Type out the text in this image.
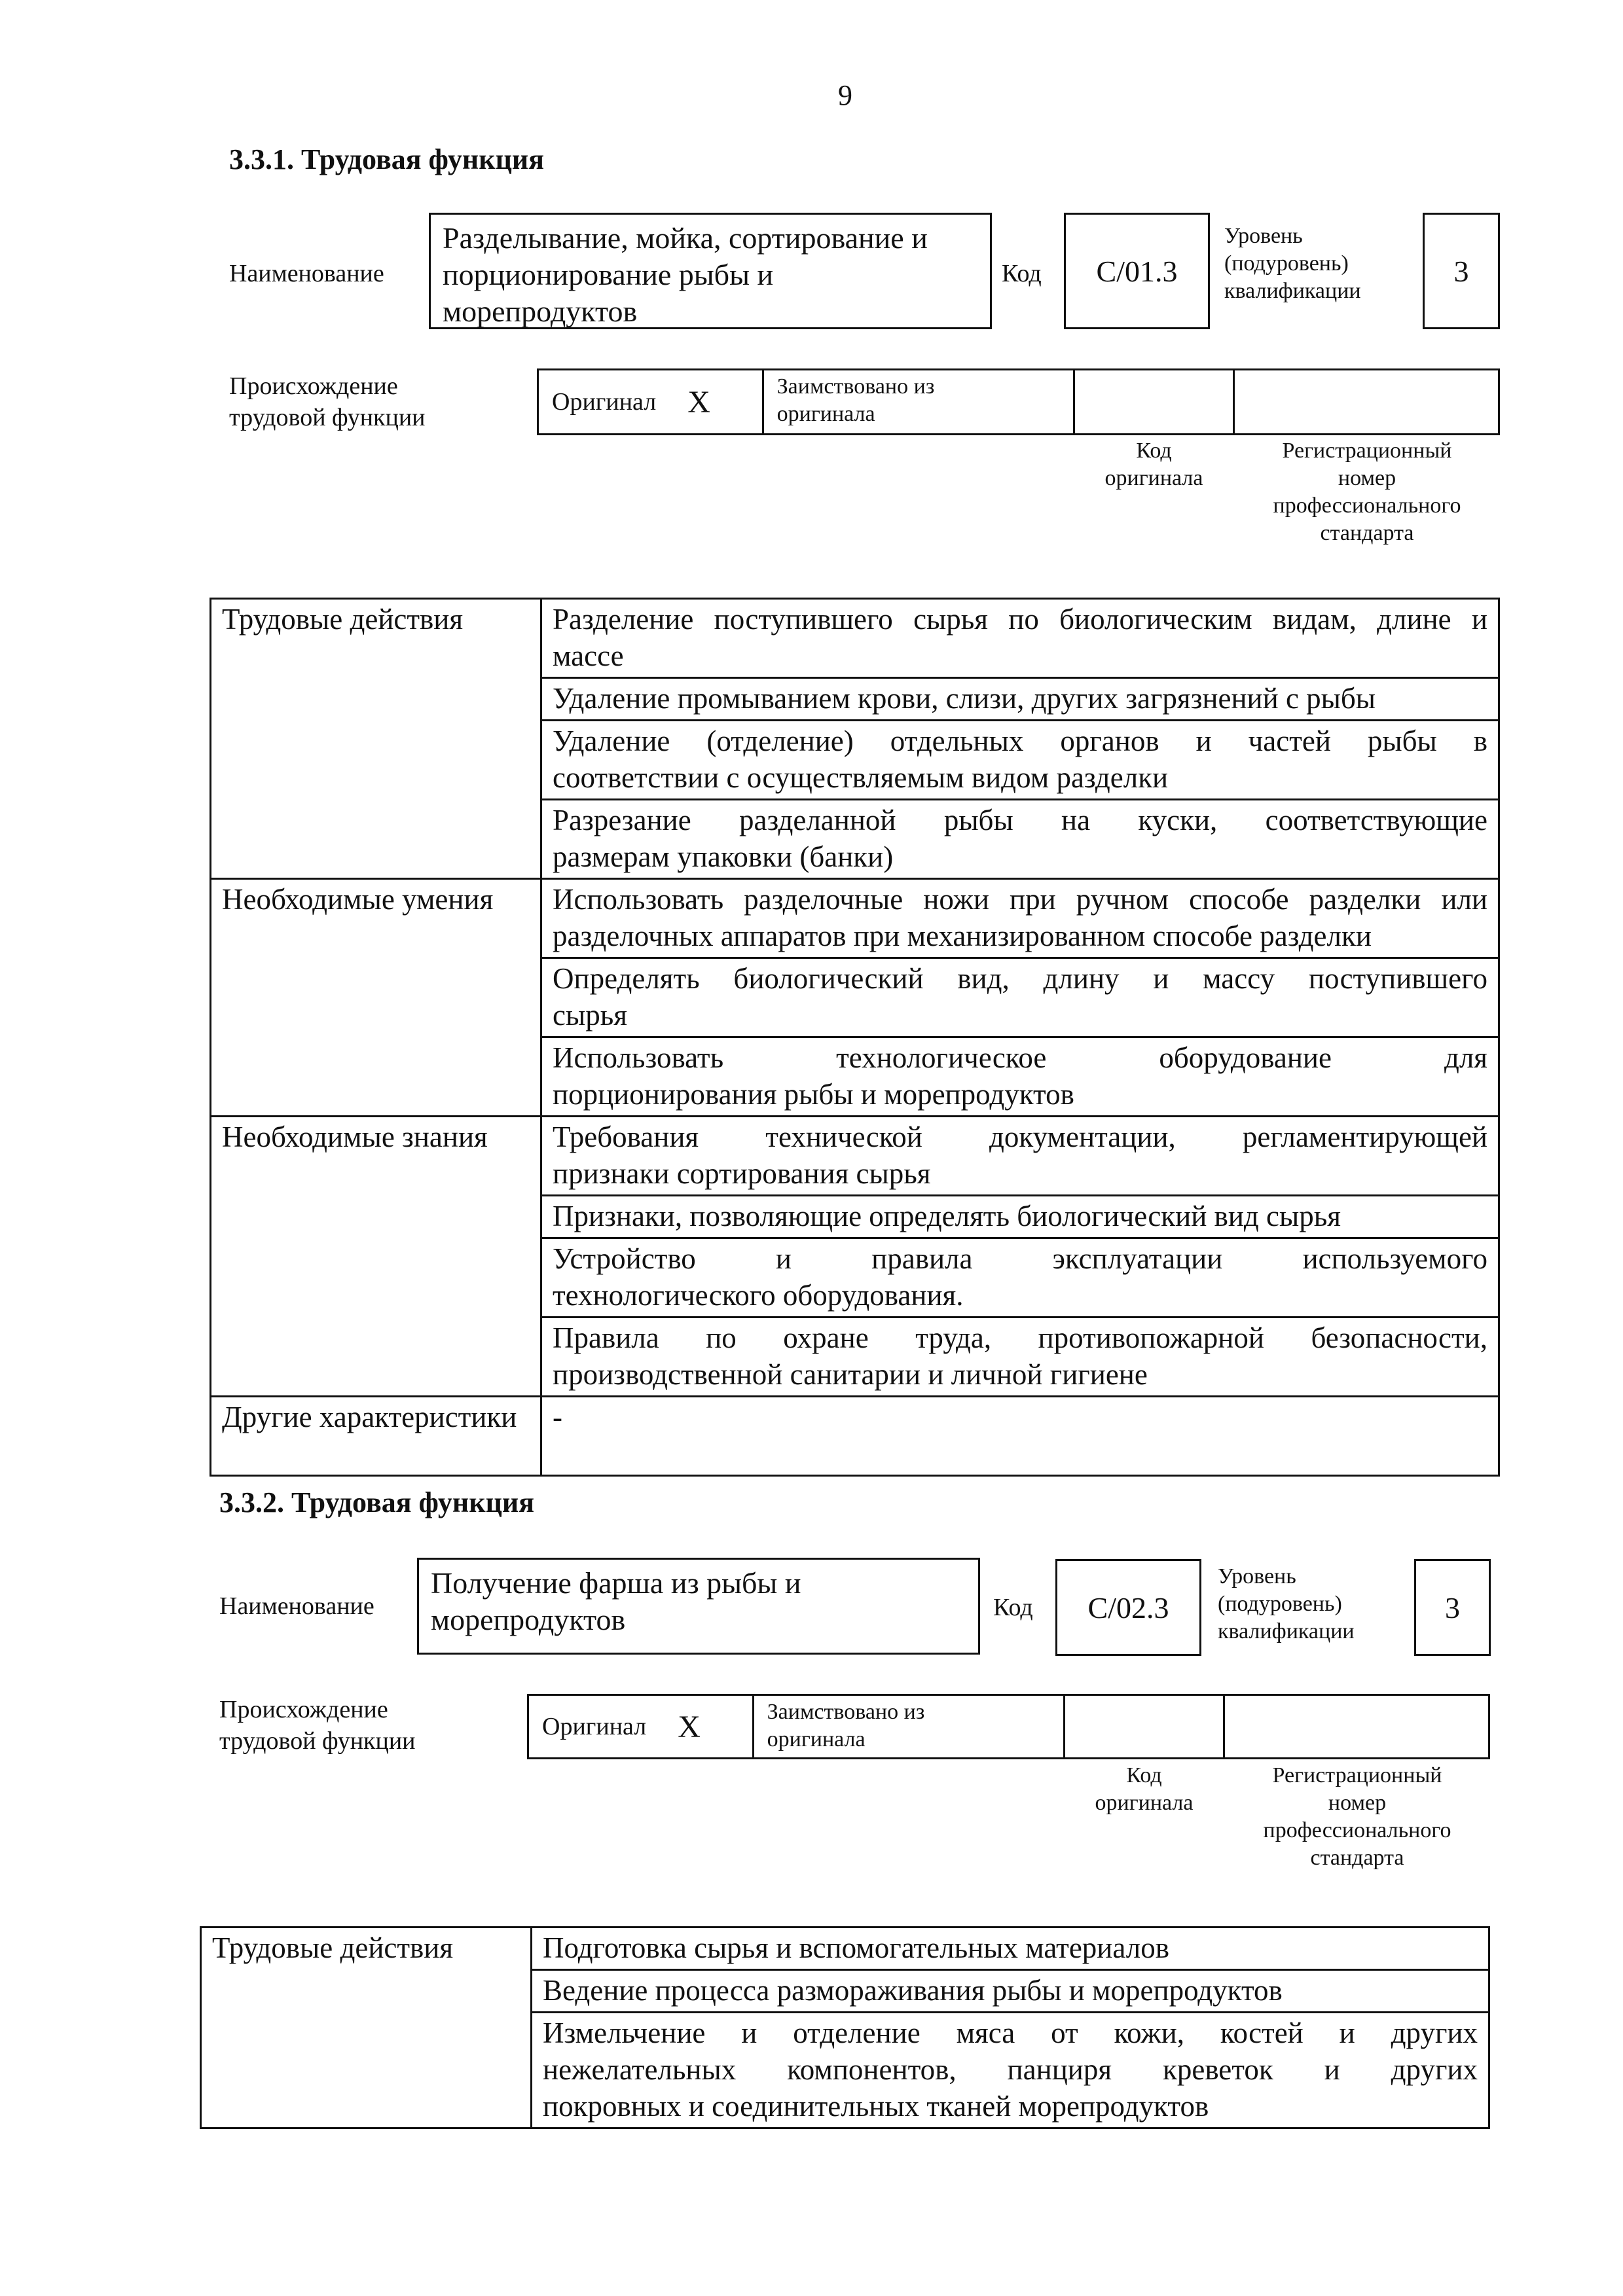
9
3.3.1. Трудовая функция
Наименование
Разделывание, мойка, сортирование и
порционирование рыбы и
морепродуктов
Код	С/01.3
Уровень
(подуровень)
квалификации
3
Происхождение
трудовой функции
Оригинал X	Заимствовано из
оригинала
Код
оригинала
Регистрационный
номер
профессионального
стандарта
Трудовые действия	Разделение поступившего сырья по биологическим видам, длине и
массе

	Удаление промыванием крови, слизи, других загрязнений с рыбы
	Удаление (отделение) отдельных органов и частей рыбы в
соответствии с осуществляемым видом разделки

	Разрезание разделанной рыбы на куски, соответствующие
размерам упаковки (банки)

Необходимые умения	Использовать разделочные ножи при ручном способе разделки или
разделочных аппаратов при механизированном способе разделки

	Определять биологический вид, длину и массу поступившего
сырья

	Использовать технологическое оборудование для
порционирования рыбы и морепродуктов

Необходимые знания	Требования технической документации, регламентирующей
признаки сортирования сырья

	Признаки, позволяющие определять биологический вид сырья
	Устройство и правила эксплуатации используемого
технологического оборудования.

	Правила по охране труда, противопожарной безопасности,
производственной санитарии и личной гигиене

Другие характеристики	-
3.3.2. Трудовая функция
Наименование
Получение фарша из рыбы и
морепродуктов	Код	С/02.3
Уровень
(подуровень)
квалификации
3
Происхождение
трудовой функции
Оригинал X	Заимствовано из
оригинала
Код
оригинала
Регистрационный
номер
профессионального
стандарта
Трудовые действия	Подготовка сырья и вспомогательных материалов
Ведение процесса размораживания рыбы и морепродуктов

Измельчение и отделение мяса от кожи, костей и других
нежелательных компонентов, панциря креветок и других
покровных и соединительных тканей морепродуктов
